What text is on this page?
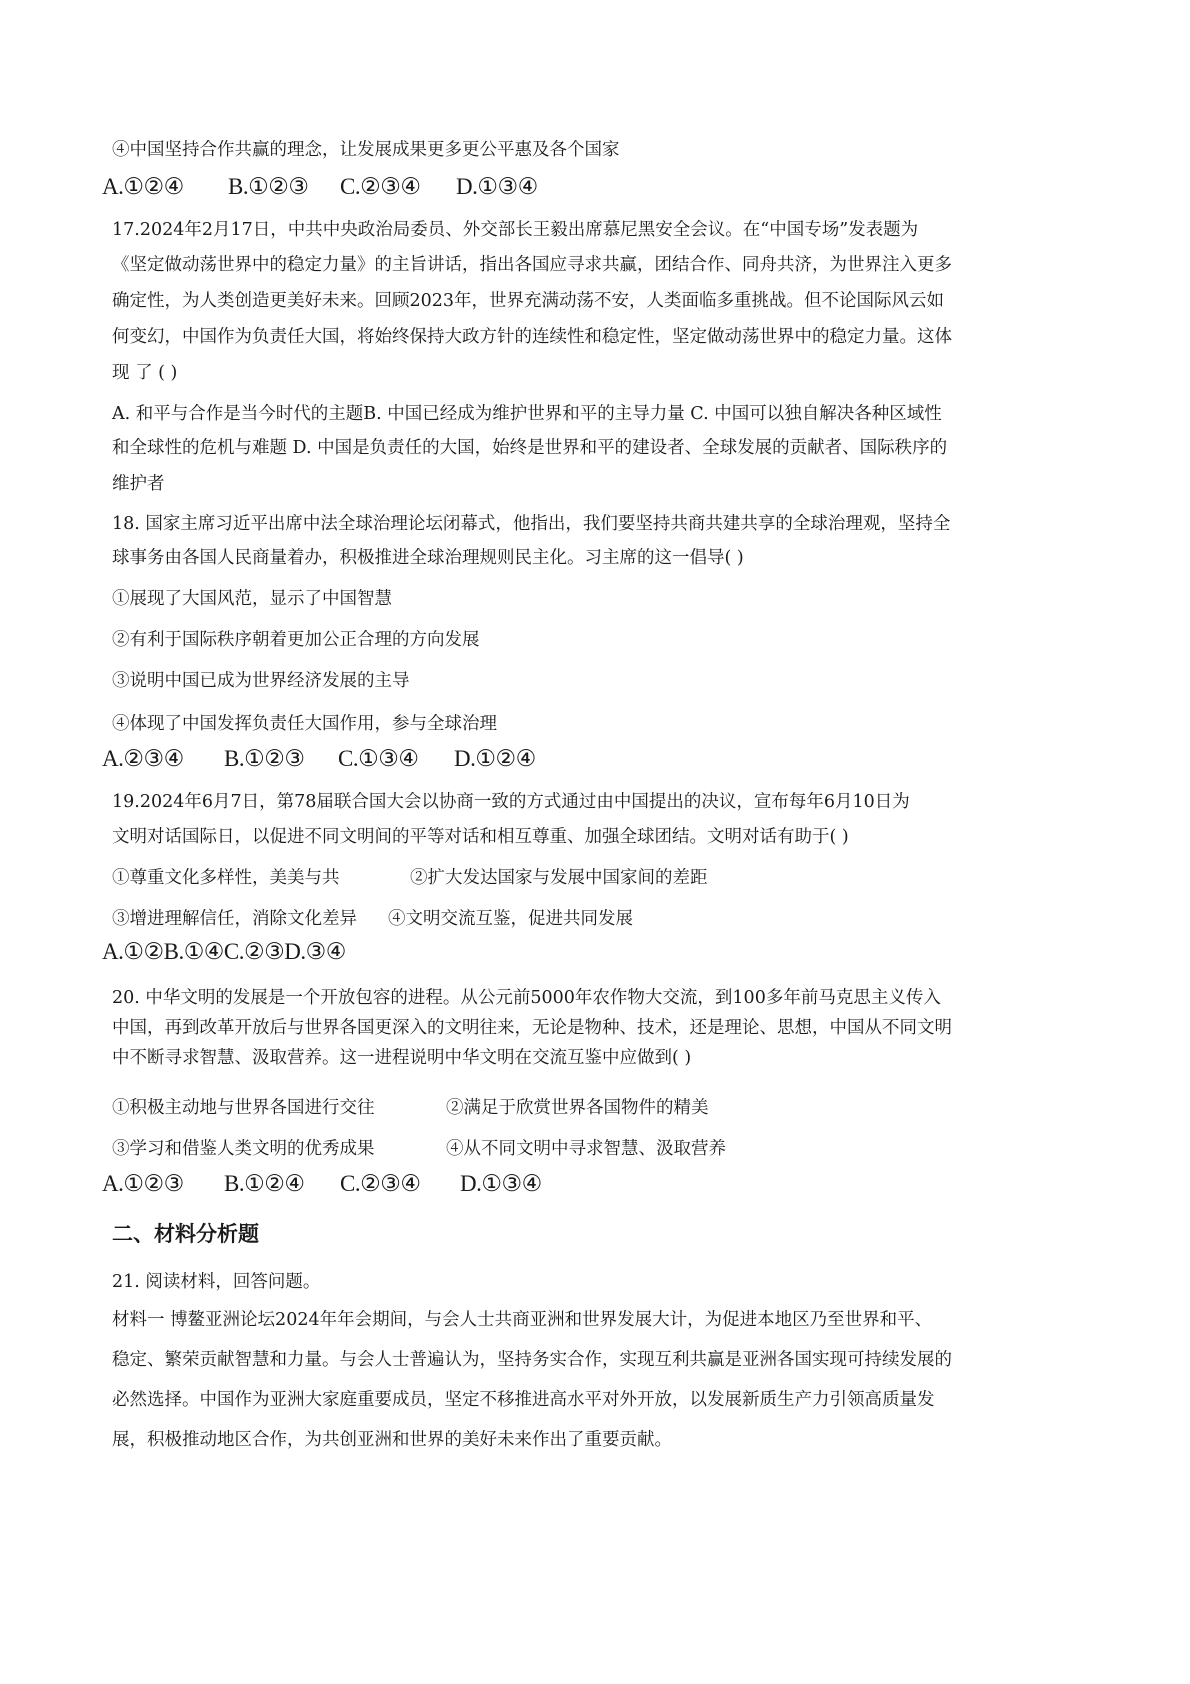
④中国坚持合作共赢的理念，让发展成果更多更公平惠及各个国家
A.①②④ B.①②③ C.②③④ D.①③④
17.2024年2月17日，中共中央政治局委员、外交部长王毅出席慕尼黑安全会议。在“中国专场”发表题为
《坚定做动荡世界中的稳定力量》的主旨讲话，指出各国应寻求共赢，团结合作、同舟共济，为世界注入更多
确定性，为人类创造更美好未来。回顾2023年，世界充满动荡不安，人类面临多重挑战。但不论国际风云如
何变幻，中国作为负责任大国，将始终保持大政方针的连续性和稳定性，坚定做动荡世界中的稳定力量。这体
现 了 ( )
A. 和平与合作是当今时代的主题B. 中国已经成为维护世界和平的主导力量 C. 中国可以独自解决各种区域性
和全球性的危机与难题 D. 中国是负责任的大国，始终是世界和平的建设者、全球发展的贡献者、国际秩序的
维护者
18. 国家主席习近平出席中法全球治理论坛闭幕式，他指出，我们要坚持共商共建共享的全球治理观，坚持全
球事务由各国人民商量着办，积极推进全球治理规则民主化。习主席的这一倡导( )
①展现了大国风范，显示了中国智慧
②有利于国际秩序朝着更加公正合理的方向发展
③说明中国已成为世界经济发展的主导
④体现了中国发挥负责任大国作用，参与全球治理
A.②③④ B.①②③ C.①③④ D.①②④
19.2024年6月7日，第78届联合国大会以协商一致的方式通过由中国提出的决议，宣布每年6月10日为
文明对话国际日，以促进不同文明间的平等对话和相互尊重、加强全球团结。文明对话有助于( )
①尊重文化多样性，美美与共	②扩大发达国家与发展中国家间的差距
③增进理解信任，消除文化差异 ④文明交流互鉴，促进共同发展
A.①②B.①④C.②③D.③④
20. 中华文明的发展是一个开放包容的进程。从公元前5000年农作物大交流，到100多年前马克思主义传入
中国，再到改革开放后与世界各国更深入的文明往来，无论是物种、技术，还是理论、思想，中国从不同文明
中不断寻求智慧、汲取营养。这一进程说明中华文明在交流互鉴中应做到( )
①积极主动地与世界各国进行交往	②满足于欣赏世界各国物件的精美
③学习和借鉴人类文明的优秀成果	④从不同文明中寻求智慧、汲取营养
A.①②③ B.①②④ C.②③④ D.①③④
二、材料分析题
21. 阅读材料，回答问题。
材料一 博鳌亚洲论坛2024年年会期间，与会人士共商亚洲和世界发展大计，为促进本地区乃至世界和平、
稳定、繁荣贡献智慧和力量。与会人士普遍认为，坚持务实合作，实现互利共赢是亚洲各国实现可持续发展的
必然选择。中国作为亚洲大家庭重要成员，坚定不移推进高水平对外开放，以发展新质生产力引领高质量发
展，积极推动地区合作，为共创亚洲和世界的美好未来作出了重要贡献。
